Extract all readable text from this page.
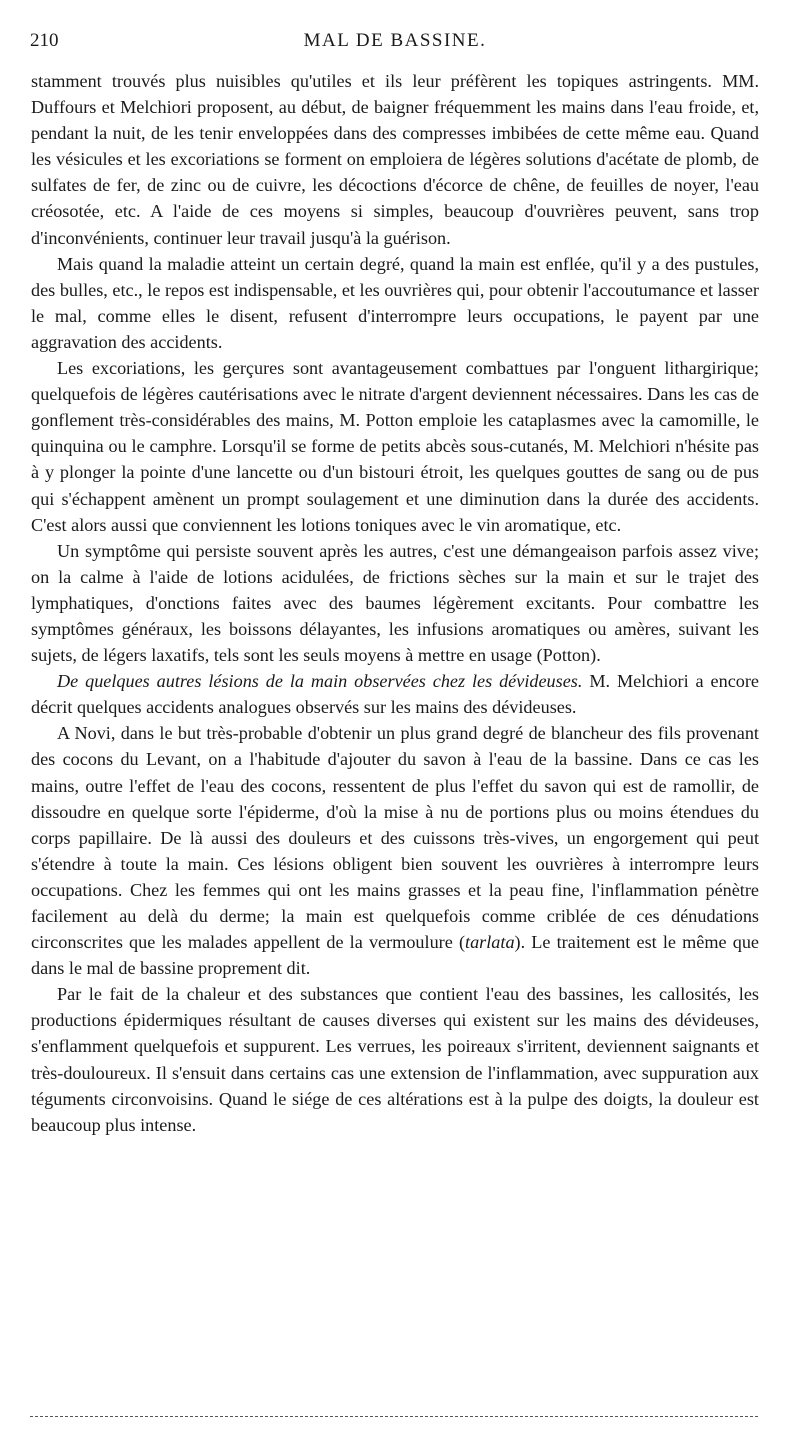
210	MAL DE BASSINE.

stamment trouvés plus nuisibles qu'utiles et ils leur préfèrent les topiques astringents. MM. Duffours et Melchiori proposent, au début, de baigner fréquemment les mains dans l'eau froide, et, pendant la nuit, de les tenir enveloppées dans des compresses imbibées de cette même eau. Quand les vésicules et les excoriations se forment on emploiera de légères solutions d'acétate de plomb, de sulfates de fer, de zinc ou de cuivre, les décoctions d'écorce de chêne, de feuilles de noyer, l'eau créosotée, etc. A l'aide de ces moyens si simples, beaucoup d'ouvrières peuvent, sans trop d'inconvénients, continuer leur travail jusqu'à la guérison.

Mais quand la maladie atteint un certain degré, quand la main est enflée, qu'il y a des pustules, des bulles, etc., le repos est indispensable, et les ouvrières qui, pour obtenir l'accoutumance et lasser le mal, comme elles le disent, refusent d'interrompre leurs occupations, le payent par une aggravation des accidents.

Les excoriations, les gerçures sont avantageusement combattues par l'onguent lithargirique; quelquefois de légères cautérisations avec le nitrate d'argent deviennent nécessaires. Dans les cas de gonflement très-considérables des mains, M. Potton emploie les cataplasmes avec la camomille, le quinquina ou le camphre. Lorsqu'il se forme de petits abcès sous-cutanés, M. Melchiori n'hésite pas à y plonger la pointe d'une lancette ou d'un bistouri étroit, les quelques gouttes de sang ou de pus qui s'échappent amènent un prompt soulagement et une diminution dans la durée des accidents. C'est alors aussi que conviennent les lotions toniques avec le vin aromatique, etc.

Un symptôme qui persiste souvent après les autres, c'est une démangeaison parfois assez vive; on la calme à l'aide de lotions acidulées, de frictions sèches sur la main et sur le trajet des lymphatiques, d'onctions faites avec des baumes légèrement excitants. Pour combattre les symptômes généraux, les boissons délayantes, les infusions aromatiques ou amères, suivant les sujets, de légers laxatifs, tels sont les seuls moyens à mettre en usage (Potton).

De quelques autres lésions de la main observées chez les dévideuses. M. Melchiori a encore décrit quelques accidents analogues observés sur les mains des dévideuses.

A Novi, dans le but très-probable d'obtenir un plus grand degré de blancheur des fils provenant des cocons du Levant, on a l'habitude d'ajouter du savon à l'eau de la bassine. Dans ce cas les mains, outre l'effet de l'eau des cocons, ressentent de plus l'effet du savon qui est de ramollir, de dissoudre en quelque sorte l'épiderme, d'où la mise à nu de portions plus ou moins étendues du corps papillaire. De là aussi des douleurs et des cuissons très-vives, un engorgement qui peut s'étendre à toute la main. Ces lésions obligent bien souvent les ouvrières à interrompre leurs occupations. Chez les femmes qui ont les mains grasses et la peau fine, l'inflammation pénètre facilement au delà du derme; la main est quelquefois comme criblée de ces dénudations circonscrites que les malades appellent de la vermoulure (tarlata). Le traitement est le même que dans le mal de bassine proprement dit.

Par le fait de la chaleur et des substances que contient l'eau des bassines, les callosités, les productions épidermiques résultant de causes diverses qui existent sur les mains des dévideuses, s'enflamment quelquefois et suppurent. Les verrues, les poireaux s'irritent, deviennent saignants et très-douloureux. Il s'ensuit dans certains cas une extension de l'inflammation, avec suppuration aux téguments circonvoisins. Quand le siége de ces altérations est à la pulpe des doigts, la douleur est beaucoup plus intense.
